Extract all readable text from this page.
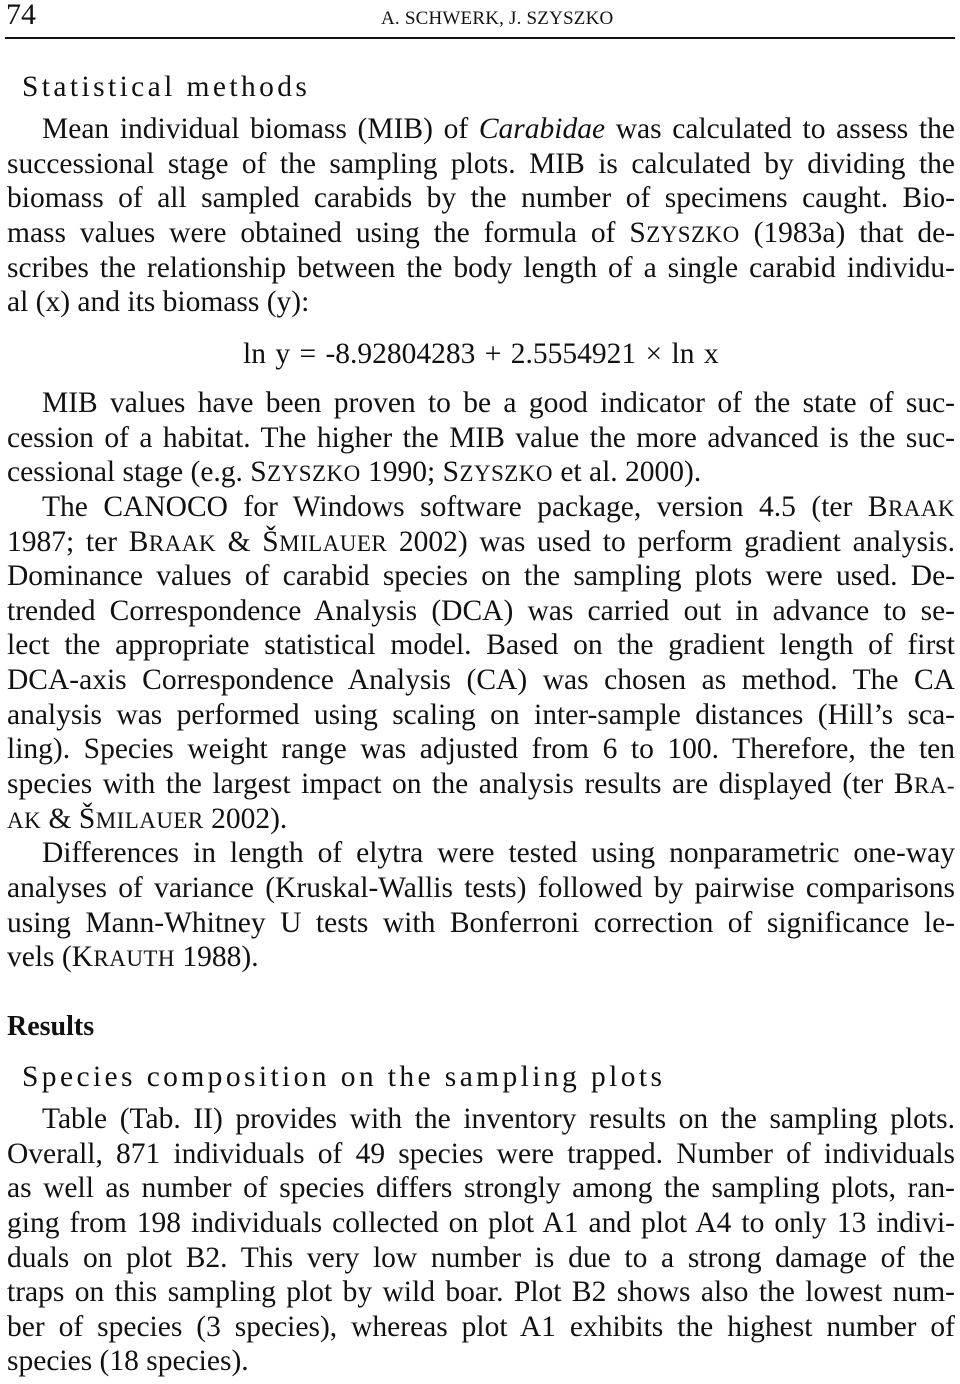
74	A. SCHWERK, J. SZYSZKO
Statistical methods
Mean individual biomass (MIB) of Carabidae was calculated to assess the
successional stage of the sampling plots. MIB is calculated by dividing the
biomass of all sampled carabids by the number of specimens caught. Bio-
mass values were obtained using the formula of SZYSZKO (1983a) that de-
scribes the relationship between the body length of a single carabid individu-
al (x) and its biomass (y):
ln y = -8.92804283 + 2.5554921 × ln x
MIB values have been proven to be a good indicator of the state of suc-
cession of a habitat. The higher the MIB value the more advanced is the suc-
cessional stage (e.g. SZYSZKO 1990; SZYSZKO et al. 2000).
The CANOCO for Windows software package, version 4.5 (ter BRAAK
1987; ter BRAAK & ŠMILAUER 2002) was used to perform gradient analysis.
Dominance values of carabid species on the sampling plots were used. De-
trended Correspondence Analysis (DCA) was carried out in advance to se-
lect the appropriate statistical model. Based on the gradient length of first
DCA-axis Correspondence Analysis (CA) was chosen as method. The CA
analysis was performed using scaling on inter-sample distances (Hill’s sca-
ling). Species weight range was adjusted from 6 to 100. Therefore, the ten
species with the largest impact on the analysis results are displayed (ter BRA-
AK & ŠMILAUER 2002).
Differences in length of elytra were tested using nonparametric one-way
analyses of variance (Kruskal-Wallis tests) followed by pairwise comparisons
using Mann-Whitney U tests with Bonferroni correction of significance le-
vels (KRAUTH 1988).
Results
Species composition on the sampling plots
Table (Tab. II) provides with the inventory results on the sampling plots.
Overall, 871 individuals of 49 species were trapped. Number of individuals
as well as number of species differs strongly among the sampling plots, ran-
ging from 198 individuals collected on plot A1 and plot A4 to only 13 indivi-
duals on plot B2. This very low number is due to a strong damage of the
traps on this sampling plot by wild boar. Plot B2 shows also the lowest num-
ber of species (3 species), whereas plot A1 exhibits the highest number of
species (18 species).
